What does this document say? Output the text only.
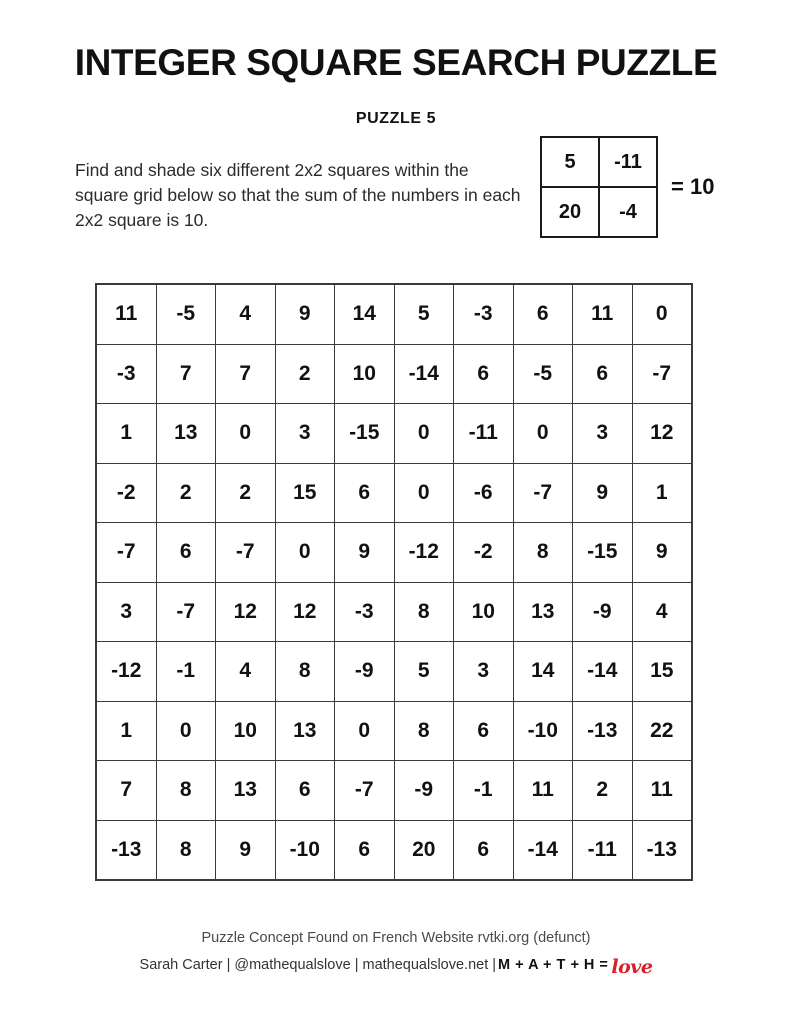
INTEGER SQUARE SEARCH PUZZLE
PUZZLE 5
Find and shade six different 2x2 squares within the square grid below so that the sum of the numbers in each 2x2 square is 10.
5	-11
20	-4
= 10
11	-5	4	9	14	5	-3	6	11	0
-3	7	7	2	10	-14	6	-5	6	-7
1	13	0	3	-15	0	-11	0	3	12
-2	2	2	15	6	0	-6	-7	9	1
-7	6	-7	0	9	-12	-2	8	-15	9
3	-7	12	12	-3	8	10	13	-9	4
-12	-1	4	8	-9	5	3	14	-14	15
1	0	10	13	0	8	6	-10	-13	22
7	8	13	6	-7	-9	-1	11	2	11
-13	8	9	-10	6	20	6	-14	-11	-13
Puzzle Concept Found on French Website rvtki.org (defunct)
Sarah Carter | @mathequalslove | mathequalslove.net | M + A + T + H = love
